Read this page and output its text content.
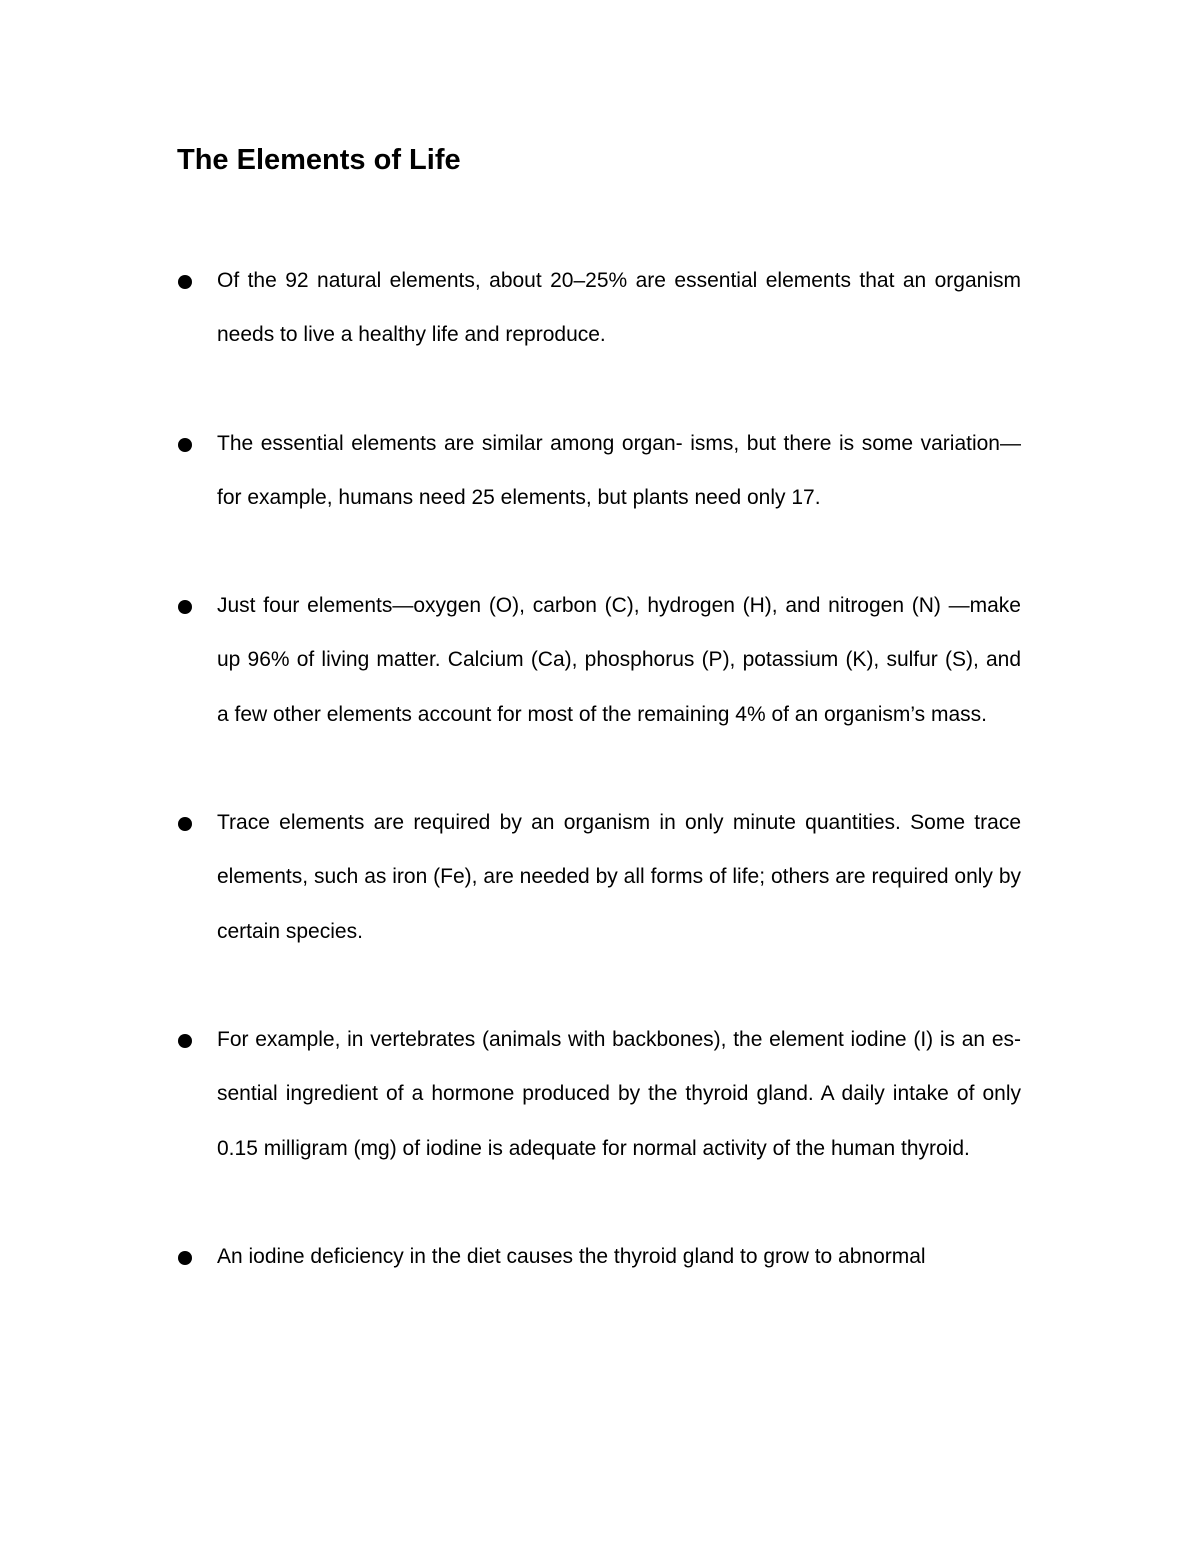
The Elements of Life
Of the 92 natural elements, about 20–25% are essential elements that an organism needs to live a healthy life and reproduce.
The essential elements are similar among organ- isms, but there is some variation—for example, humans need 25 elements, but plants need only 17.
Just four elements—oxygen (O), carbon (C), hydrogen (H), and nitrogen (N) —make up 96% of living matter. Calcium (Ca), phosphorus (P), potassium (K), sulfur (S), and a few other elements account for most of the remaining 4% of an organism’s mass.
Trace elements are required by an organism in only minute quantities. Some trace elements, such as iron (Fe), are needed by all forms of life; others are required only by certain species.
For example, in vertebrates (animals with backbones), the element iodine (I) is an es- sential ingredient of a hormone produced by the thyroid gland. A daily intake of only 0.15 milligram (mg) of iodine is adequate for normal activity of the human thyroid.
An iodine deficiency in the diet causes the thyroid gland to grow to abnormal
